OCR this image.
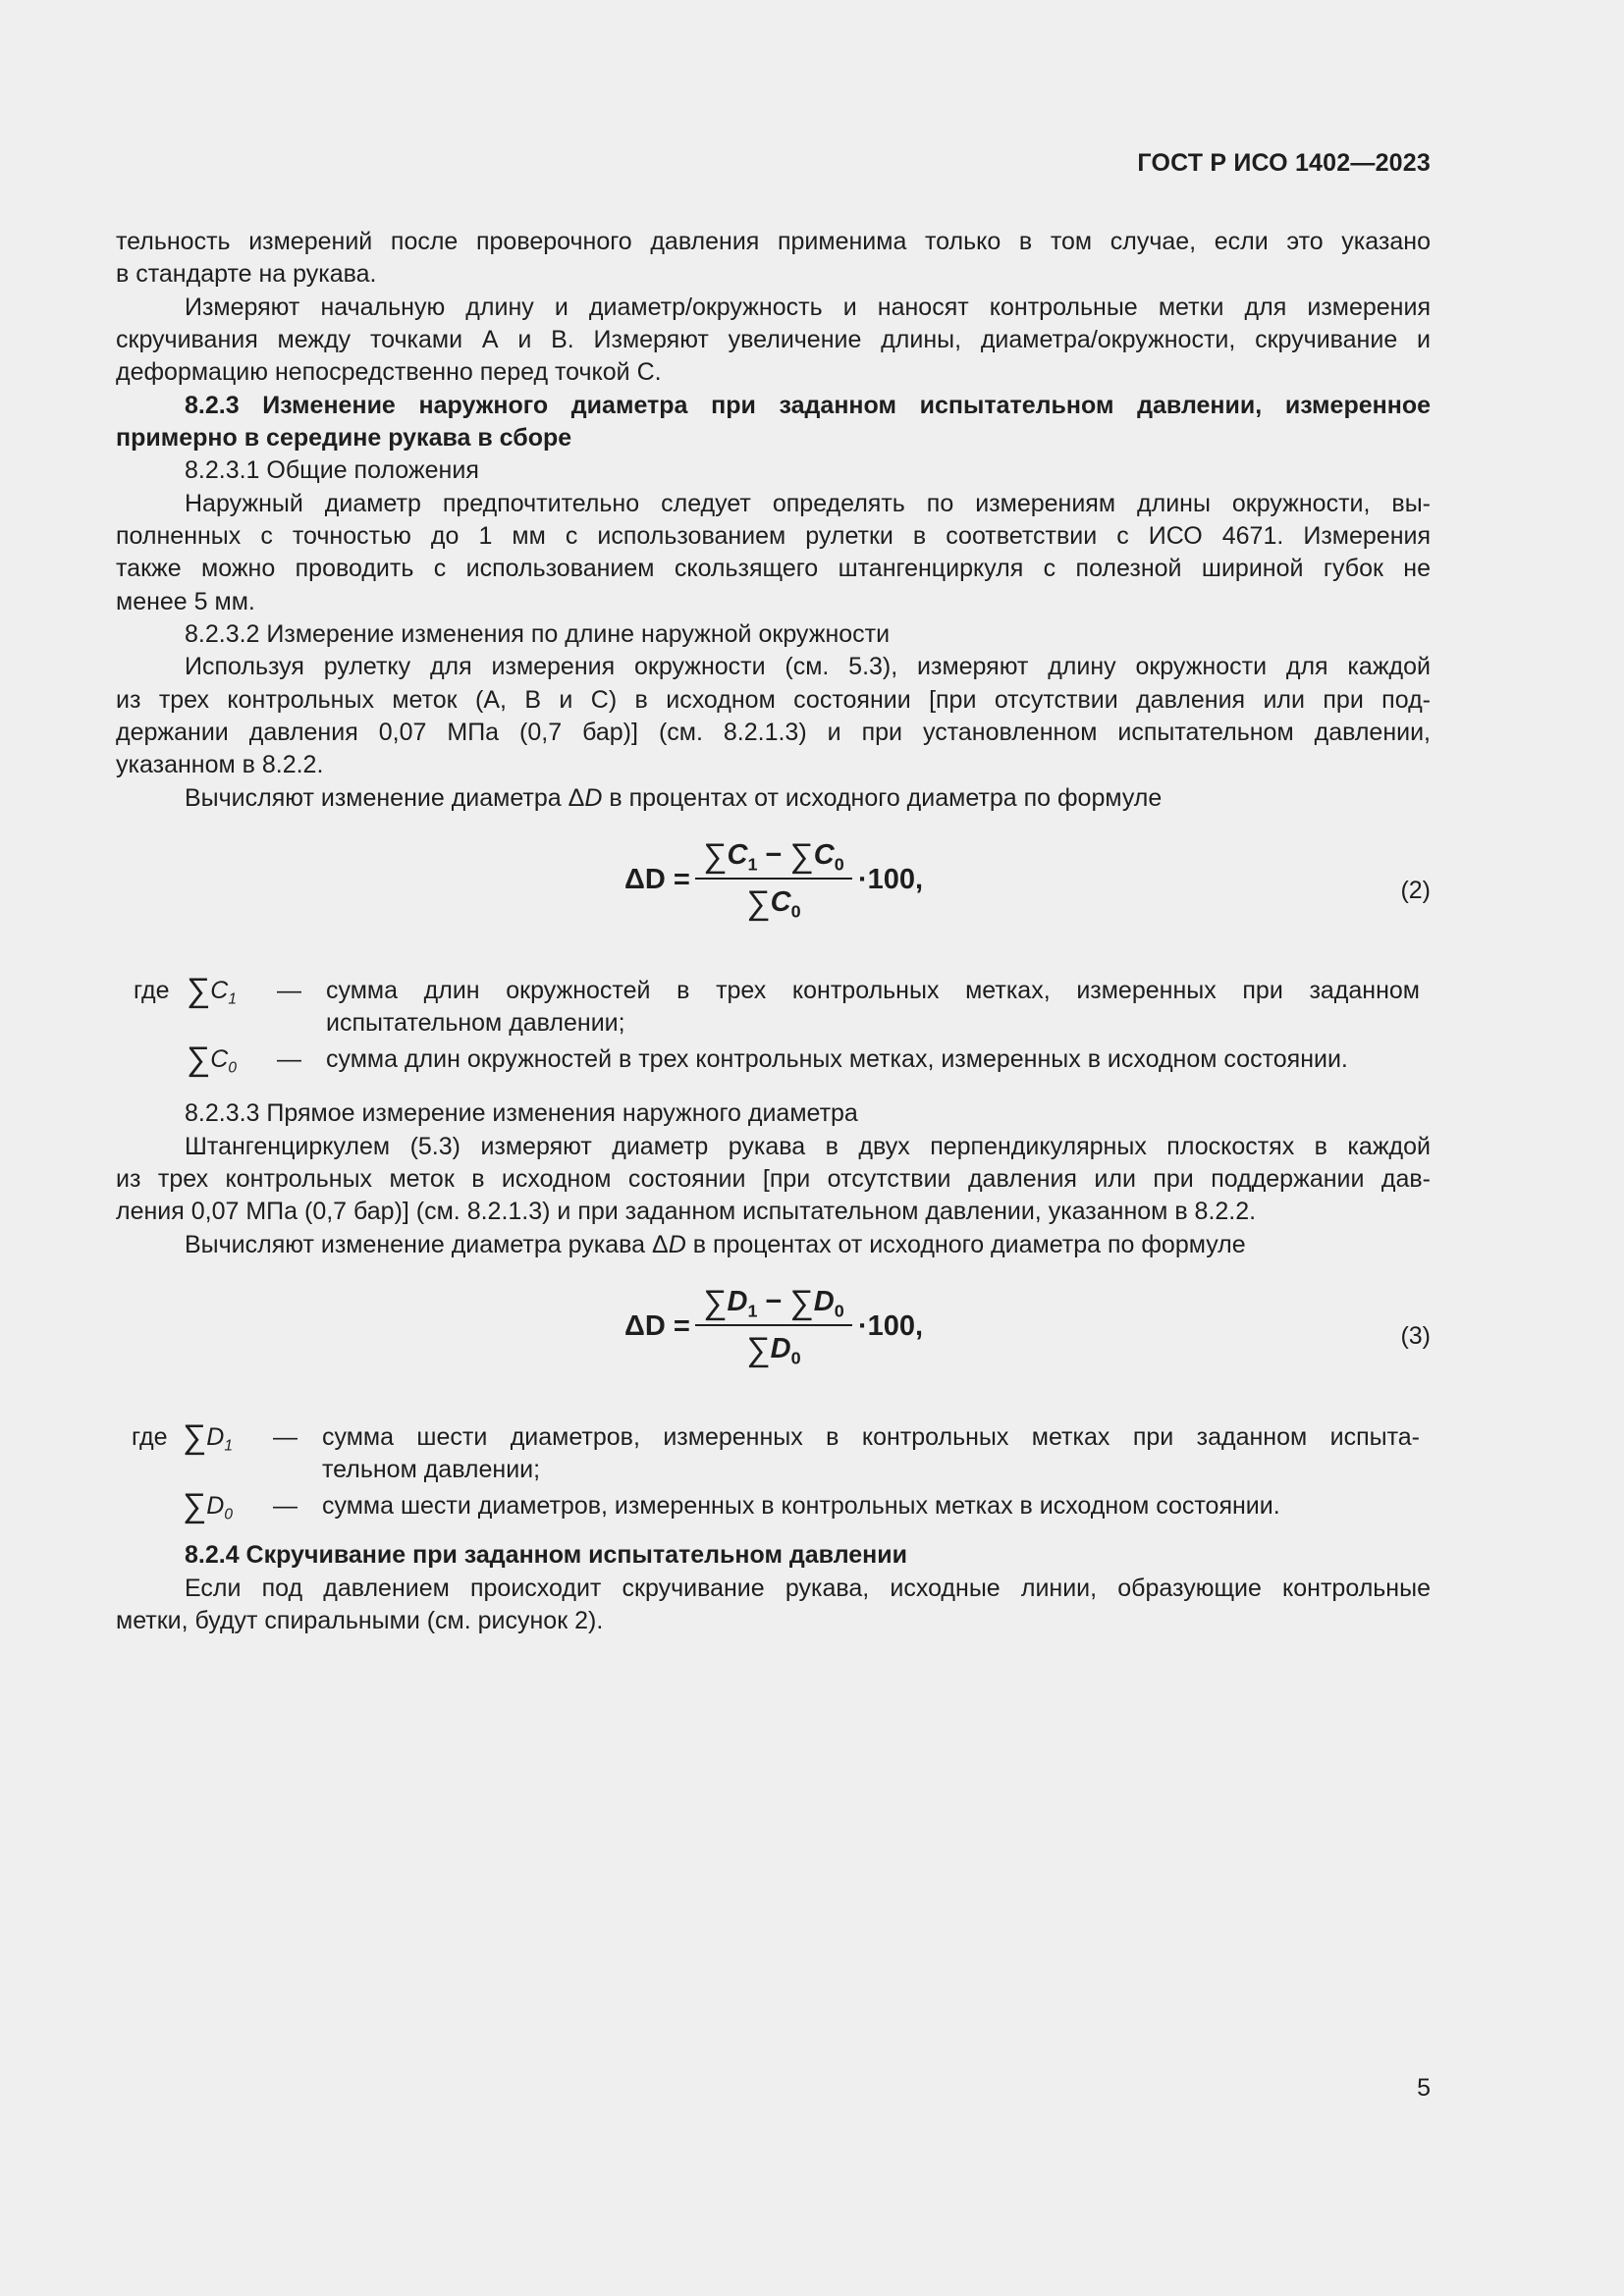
ГОСТ Р ИСО 1402—2023
тельность измерений после проверочного давления применима только в том случае, если это указано
в стандарте на рукава.
Измеряют начальную длину и диаметр/окружность и наносят контрольные метки для измерения
скручивания между точками А и В. Измеряют увеличение длины, диаметра/окружности, скручивание и
деформацию непосредственно перед точкой С.
8.2.3 Изменение наружного диаметра при заданном испытательном давлении, измеренное
примерно в середине рукава в сборе
8.2.3.1 Общие положения
Наружный диаметр предпочтительно следует определять по измерениям длины окружности, вы-
полненных с точностью до 1 мм с использованием рулетки в соответствии с ИСО 4671. Измерения
также можно проводить с использованием скользящего штангенциркуля с полезной шириной губок не
менее 5 мм.
8.2.3.2 Измерение изменения по длине наружной окружности
Используя рулетку для измерения окружности (см. 5.3), измеряют длину окружности для каждой
из трех контрольных меток (А, В и С) в исходном состоянии [при отсутствии давления или при под-
держании давления 0,07 МПа (0,7 бар)] (см. 8.2.1.3) и при установленном испытательном давлении,
указанном в 8.2.2.
Вычисляют изменение диаметра ΔD в процентах от исходного диаметра по формуле
ΔD =
$\sum C_1 - \sum C_0$
$\sum C_0$
·100,	(2)
где $\sum C_1$ — сумма длин окружностей в трех контрольных метках, измеренных при заданном
испытательном давлении;
$\sum C_0$ — сумма длин окружностей в трех контрольных метках, измеренных в исходном состоянии.
8.2.3.3 Прямое измерение изменения наружного диаметра
Штангенциркулем (5.3) измеряют диаметр рукава в двух перпендикулярных плоскостях в каждой
из трех контрольных меток в исходном состоянии [при отсутствии давления или при поддержании дав-
ления 0,07 МПа (0,7 бар)] (см. 8.2.1.3) и при заданном испытательном давлении, указанном в 8.2.2.
Вычисляют изменение диаметра рукава ΔD в процентах от исходного диаметра по формуле
ΔD =
$\sum D_1 - \sum D_0$
$\sum D_0$
·100,	(3)
где $\sum D_1$ — сумма шести диаметров, измеренных в контрольных метках при заданном испыта-
тельном давлении;
$\sum D_0$ — сумма шести диаметров, измеренных в контрольных метках в исходном состоянии.
8.2.4 Скручивание при заданном испытательном давлении
Если под давлением происходит скручивание рукава, исходные линии, образующие контрольные
метки, будут спиральными (см. рисунок 2).
5
